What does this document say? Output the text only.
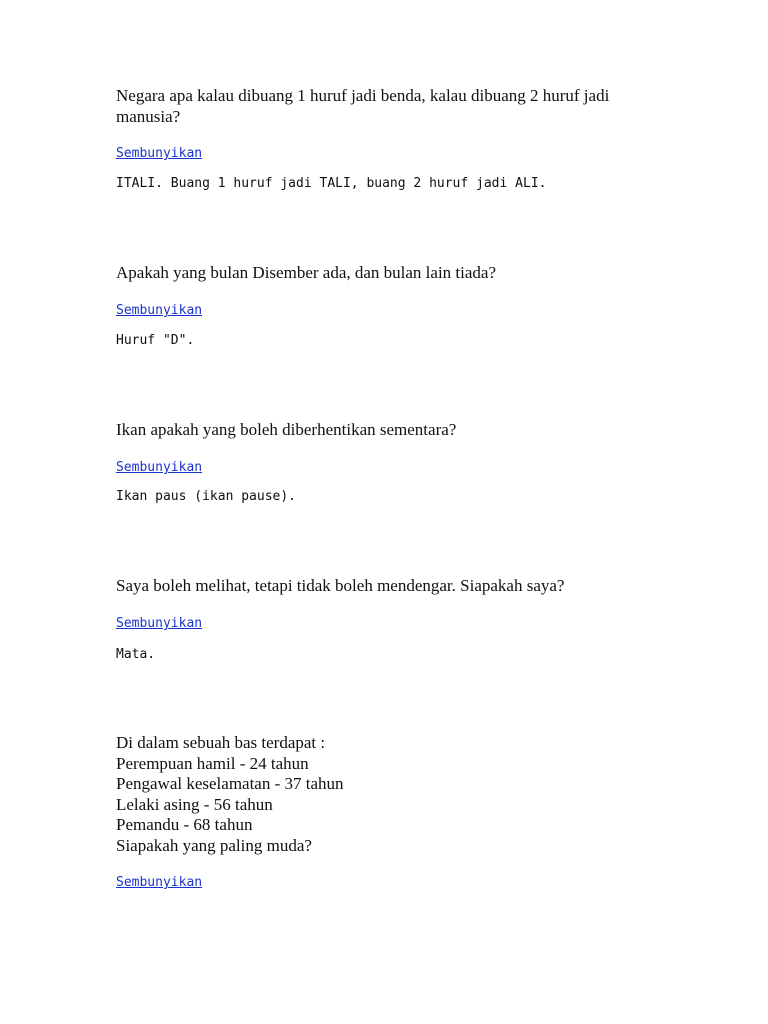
Negara apa kalau dibuang 1 huruf jadi benda, kalau dibuang 2 huruf jadi
manusia?

Sembunyikan
ITALI. Buang 1 huruf jadi TALI, buang 2 huruf jadi ALI.

Apakah yang bulan Disember ada, dan bulan lain tiada?

Sembunyikan
Huruf "D".

Ikan apakah yang boleh diberhentikan sementara?

Sembunyikan
Ikan paus (ikan pause).

Saya boleh melihat, tetapi tidak boleh mendengar. Siapakah saya?

Sembunyikan
Mata.

Di dalam sebuah bas terdapat :
Perempuan hamil - 24 tahun
Pengawal keselamatan - 37 tahun
Lelaki asing - 56 tahun
Pemandu - 68 tahun
Siapakah yang paling muda?

Sembunyikan
